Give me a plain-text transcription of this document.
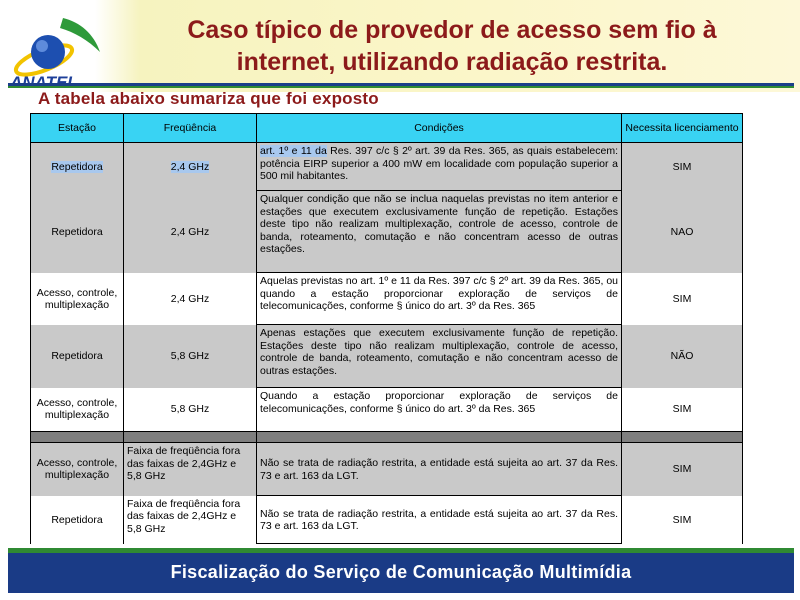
Caso típico de provedor de acesso sem fio à
internet, utilizando radiação restrita.
A tabela abaixo sumariza que foi exposto
Estação	Freqüência	Condições	Necessita licenciamento
Repetidora	2,4 GHz	art. 1º e 11 da Res. 397 c/c § 2º art. 39 da Res. 365, as quais estabelecem: potência EIRP superior a 400 mW em localidade com população superior a 500 mil habitantes.	SIM
Repetidora	2,4 GHz	Qualquer condição que não se inclua naquelas previstas no item anterior e estações que executem exclusivamente função de repetição. Estações deste tipo não realizam multiplexação, controle de acesso, controle de banda, roteamento, comutação e não concentram acesso de outras estações.	NAO
Acesso, controle, multiplexação	2,4 GHz	Aquelas previstas no art. 1º e 11 da Res. 397 c/c § 2º art. 39 da Res. 365, ou quando a estação proporcionar exploração de serviços de telecomunicações, conforme § único do art. 3º da Res. 365	SIM
Repetidora	5,8 GHz	Apenas estações que executem exclusivamente função de repetição. Estações deste tipo não realizam multiplexação, controle de acesso, controle de banda, roteamento, comutação e não concentram acesso de outras estações.	NÃO
Acesso, controle, multiplexação	5,8 GHz	Quando a estação proporcionar exploração de serviços de telecomunicações, conforme § único do art. 3º da Res. 365	SIM

Acesso, controle, multiplexação	Faixa de freqüência fora das faixas de 2,4GHz e 5,8 GHz	Não se trata de radiação restrita, a entidade está sujeita ao art. 37 da Res. 73 e art. 163 da LGT.	SIM
Repetidora	Faixa de freqüência fora das faixas de 2,4GHz e 5,8 GHz	Não se trata de radiação restrita, a entidade está sujeita ao art. 37 da Res. 73 e art. 163 da LGT.	SIM
Fiscalização do Serviço de Comunicação Multimídia
